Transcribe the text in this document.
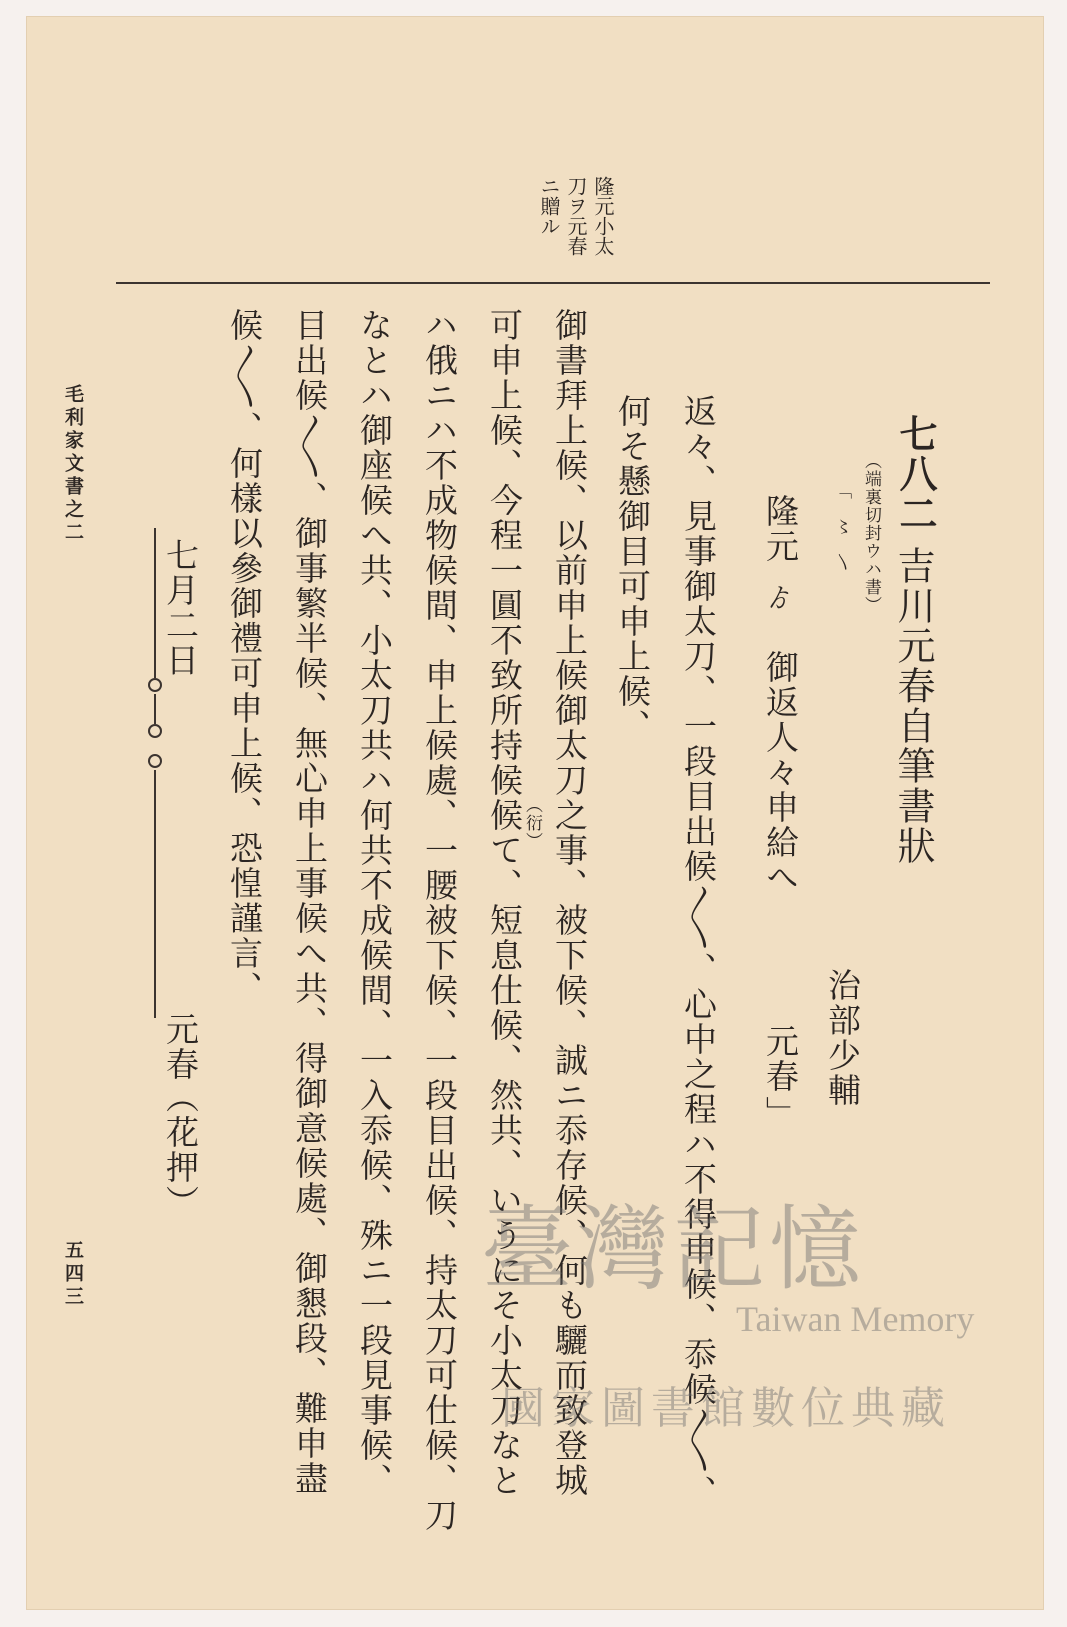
隆元小太
刀ヲ元春
ニ贈ル
七八二
吉川元春自筆書狀
（端裏切封ウハ書）
「　〻　〵
隆元
ゟ
御返人々申給へ
治部少輔
元春
」
返々、見事御太刀、一段目出候〱、心中之程ハ不得申候、忝候〱、
何そ懸御目可申上候、
御書拜上候、以前申上候御太刀之事、被下候、誠ニ忝存候、何も驪而致登城
（衍）
可申上候、今程一圓不致所持候候て、短息仕候、然共、いうにそ小太刀なと
ハ俄ニハ不成物候間、申上候處、一腰被下候、一段目出候、持太刀可仕候、刀
なとハ御座候へ共、小太刀共ハ何共不成候間、一入忝候、殊ニ一段見事候、
目出候〱、御事繁半候、無心申上事候へ共、得御意候處、御懇段、難申盡
候〱、何樣以參御禮可申上候、恐惶謹言、
七月二日
元春
（花押）
毛利家文書之二
五四三	臺灣記憶
Taiwan Memory
國家圖書館數位典藏
